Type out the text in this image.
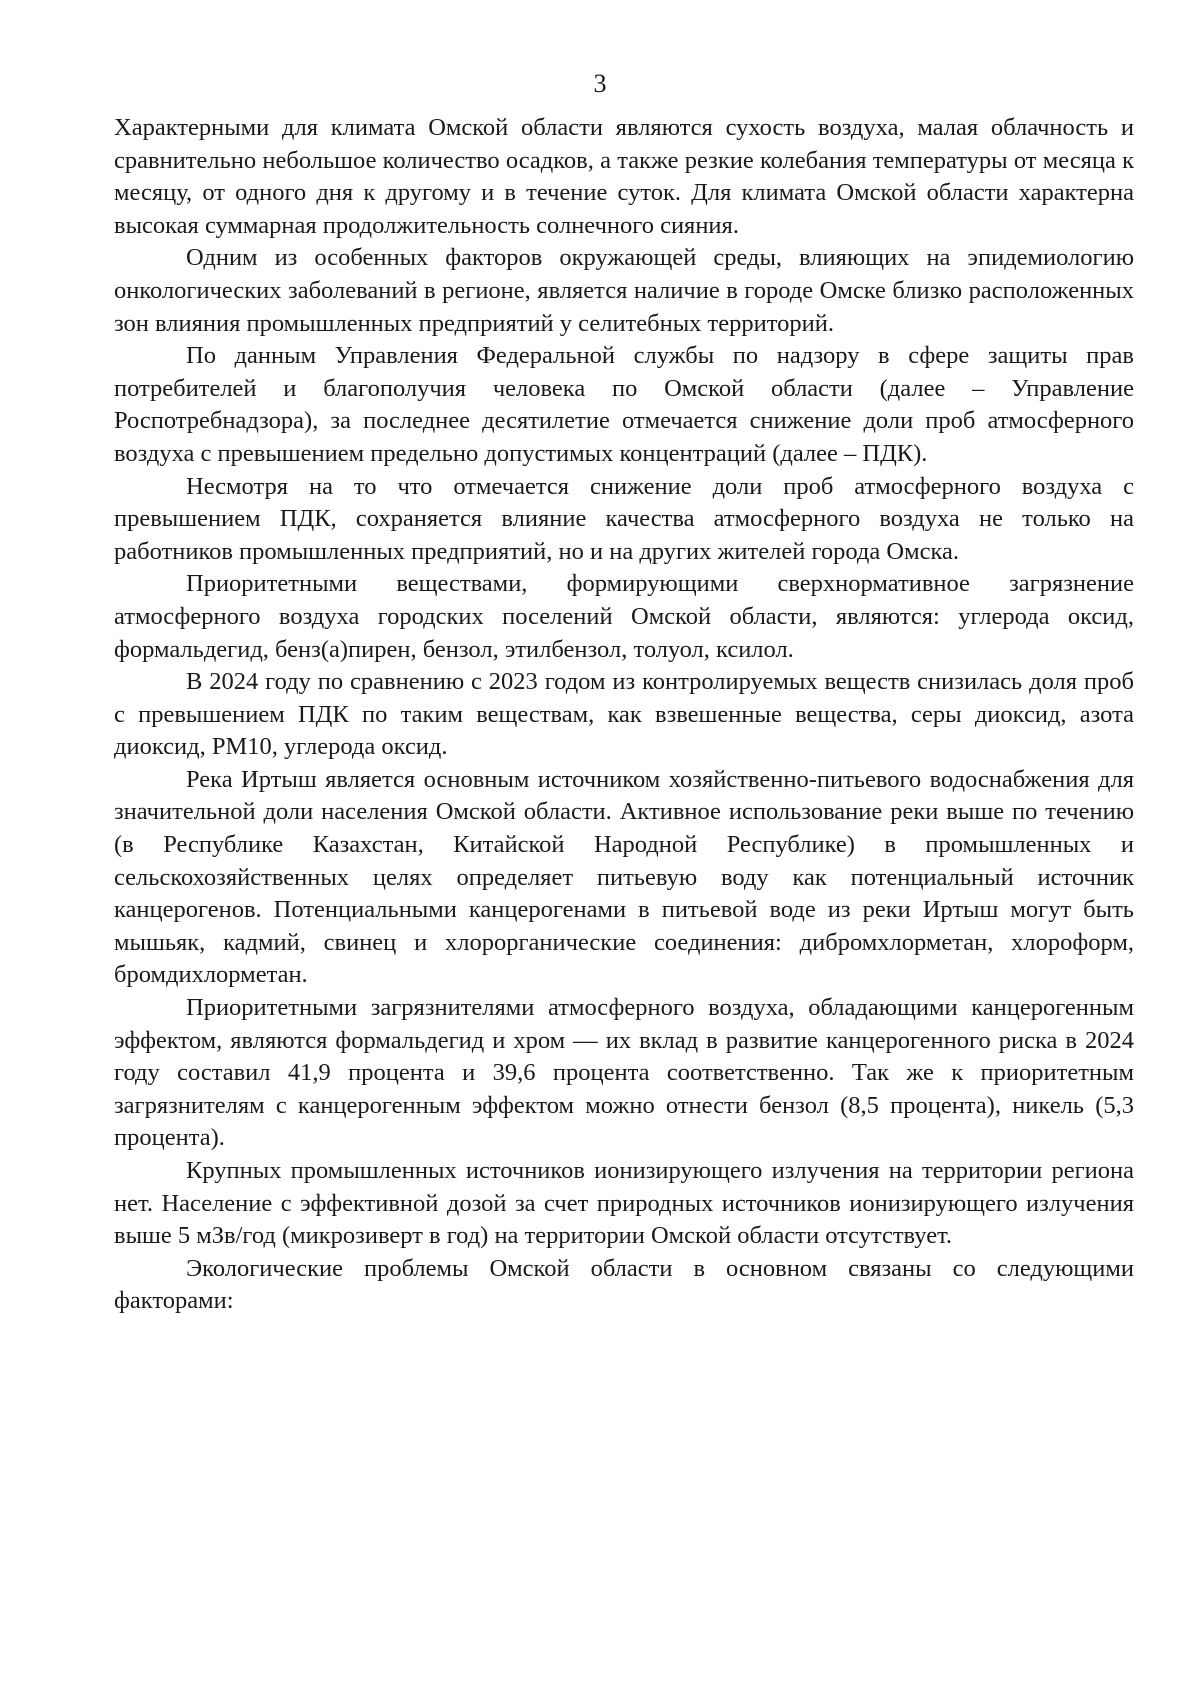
3

Характерными для климата Омской области являются сухость воздуха, малая облачность и сравнительно небольшое количество осадков, а также резкие колебания температуры от месяца к месяцу, от одного дня к другому и в течение суток. Для климата Омской области характерна высокая суммарная продолжительность солнечного сияния.

Одним из особенных факторов окружающей среды, влияющих на эпидемиологию онкологических заболеваний в регионе, является наличие в городе Омске близко расположенных зон влияния промышленных предприятий у селитебных территорий.

По данным Управления Федеральной службы по надзору в сфере защиты прав потребителей и благополучия человека по Омской области (далее – Управление Роспотребнадзора), за последнее десятилетие отмечается снижение доли проб атмосферного воздуха с превышением предельно допустимых концентраций (далее – ПДК).

Несмотря на то что отмечается снижение доли проб атмосферного воздуха с превышением ПДК, сохраняется влияние качества атмосферного воздуха не только на работников промышленных предприятий, но и на других жителей города Омска.

Приоритетными веществами, формирующими сверхнормативное загрязнение атмосферного воздуха городских поселений Омской области, являются: углерода оксид, формальдегид, бенз(а)пирен, бензол, этилбензол, толуол, ксилол.

В 2024 году по сравнению с 2023 годом из контролируемых веществ снизилась доля проб с превышением ПДК по таким веществам, как взвешенные вещества, серы диоксид, азота диоксид, РМ10, углерода оксид.

Река Иртыш является основным источником хозяйственно-питьевого водоснабжения для значительной доли населения Омской области. Активное использование реки выше по течению (в Республике Казахстан, Китайской Народной Республике) в промышленных и сельскохозяйственных целях определяет питьевую воду как потенциальный источник канцерогенов. Потенциальными канцерогенами в питьевой воде из реки Иртыш могут быть мышьяк, кадмий, свинец и хлорорганические соединения: дибромхлорметан, хлороформ, бромдихлорметан.

Приоритетными загрязнителями атмосферного воздуха, обладающими канцерогенным эффектом, являются формальдегид и хром — их вклад в развитие канцерогенного риска в 2024 году составил 41,9 процента и 39,6 процента соответственно. Так же к приоритетным загрязнителям с канцерогенным эффектом можно отнести бензол (8,5 процента), никель (5,3 процента).

Крупных промышленных источников ионизирующего излучения на территории региона нет. Население с эффективной дозой за счет природных источников ионизирующего излучения выше 5 мЗв/год (микрозиверт в год) на территории Омской области отсутствует.

Экологические проблемы Омской области в основном связаны со следующими факторами:
